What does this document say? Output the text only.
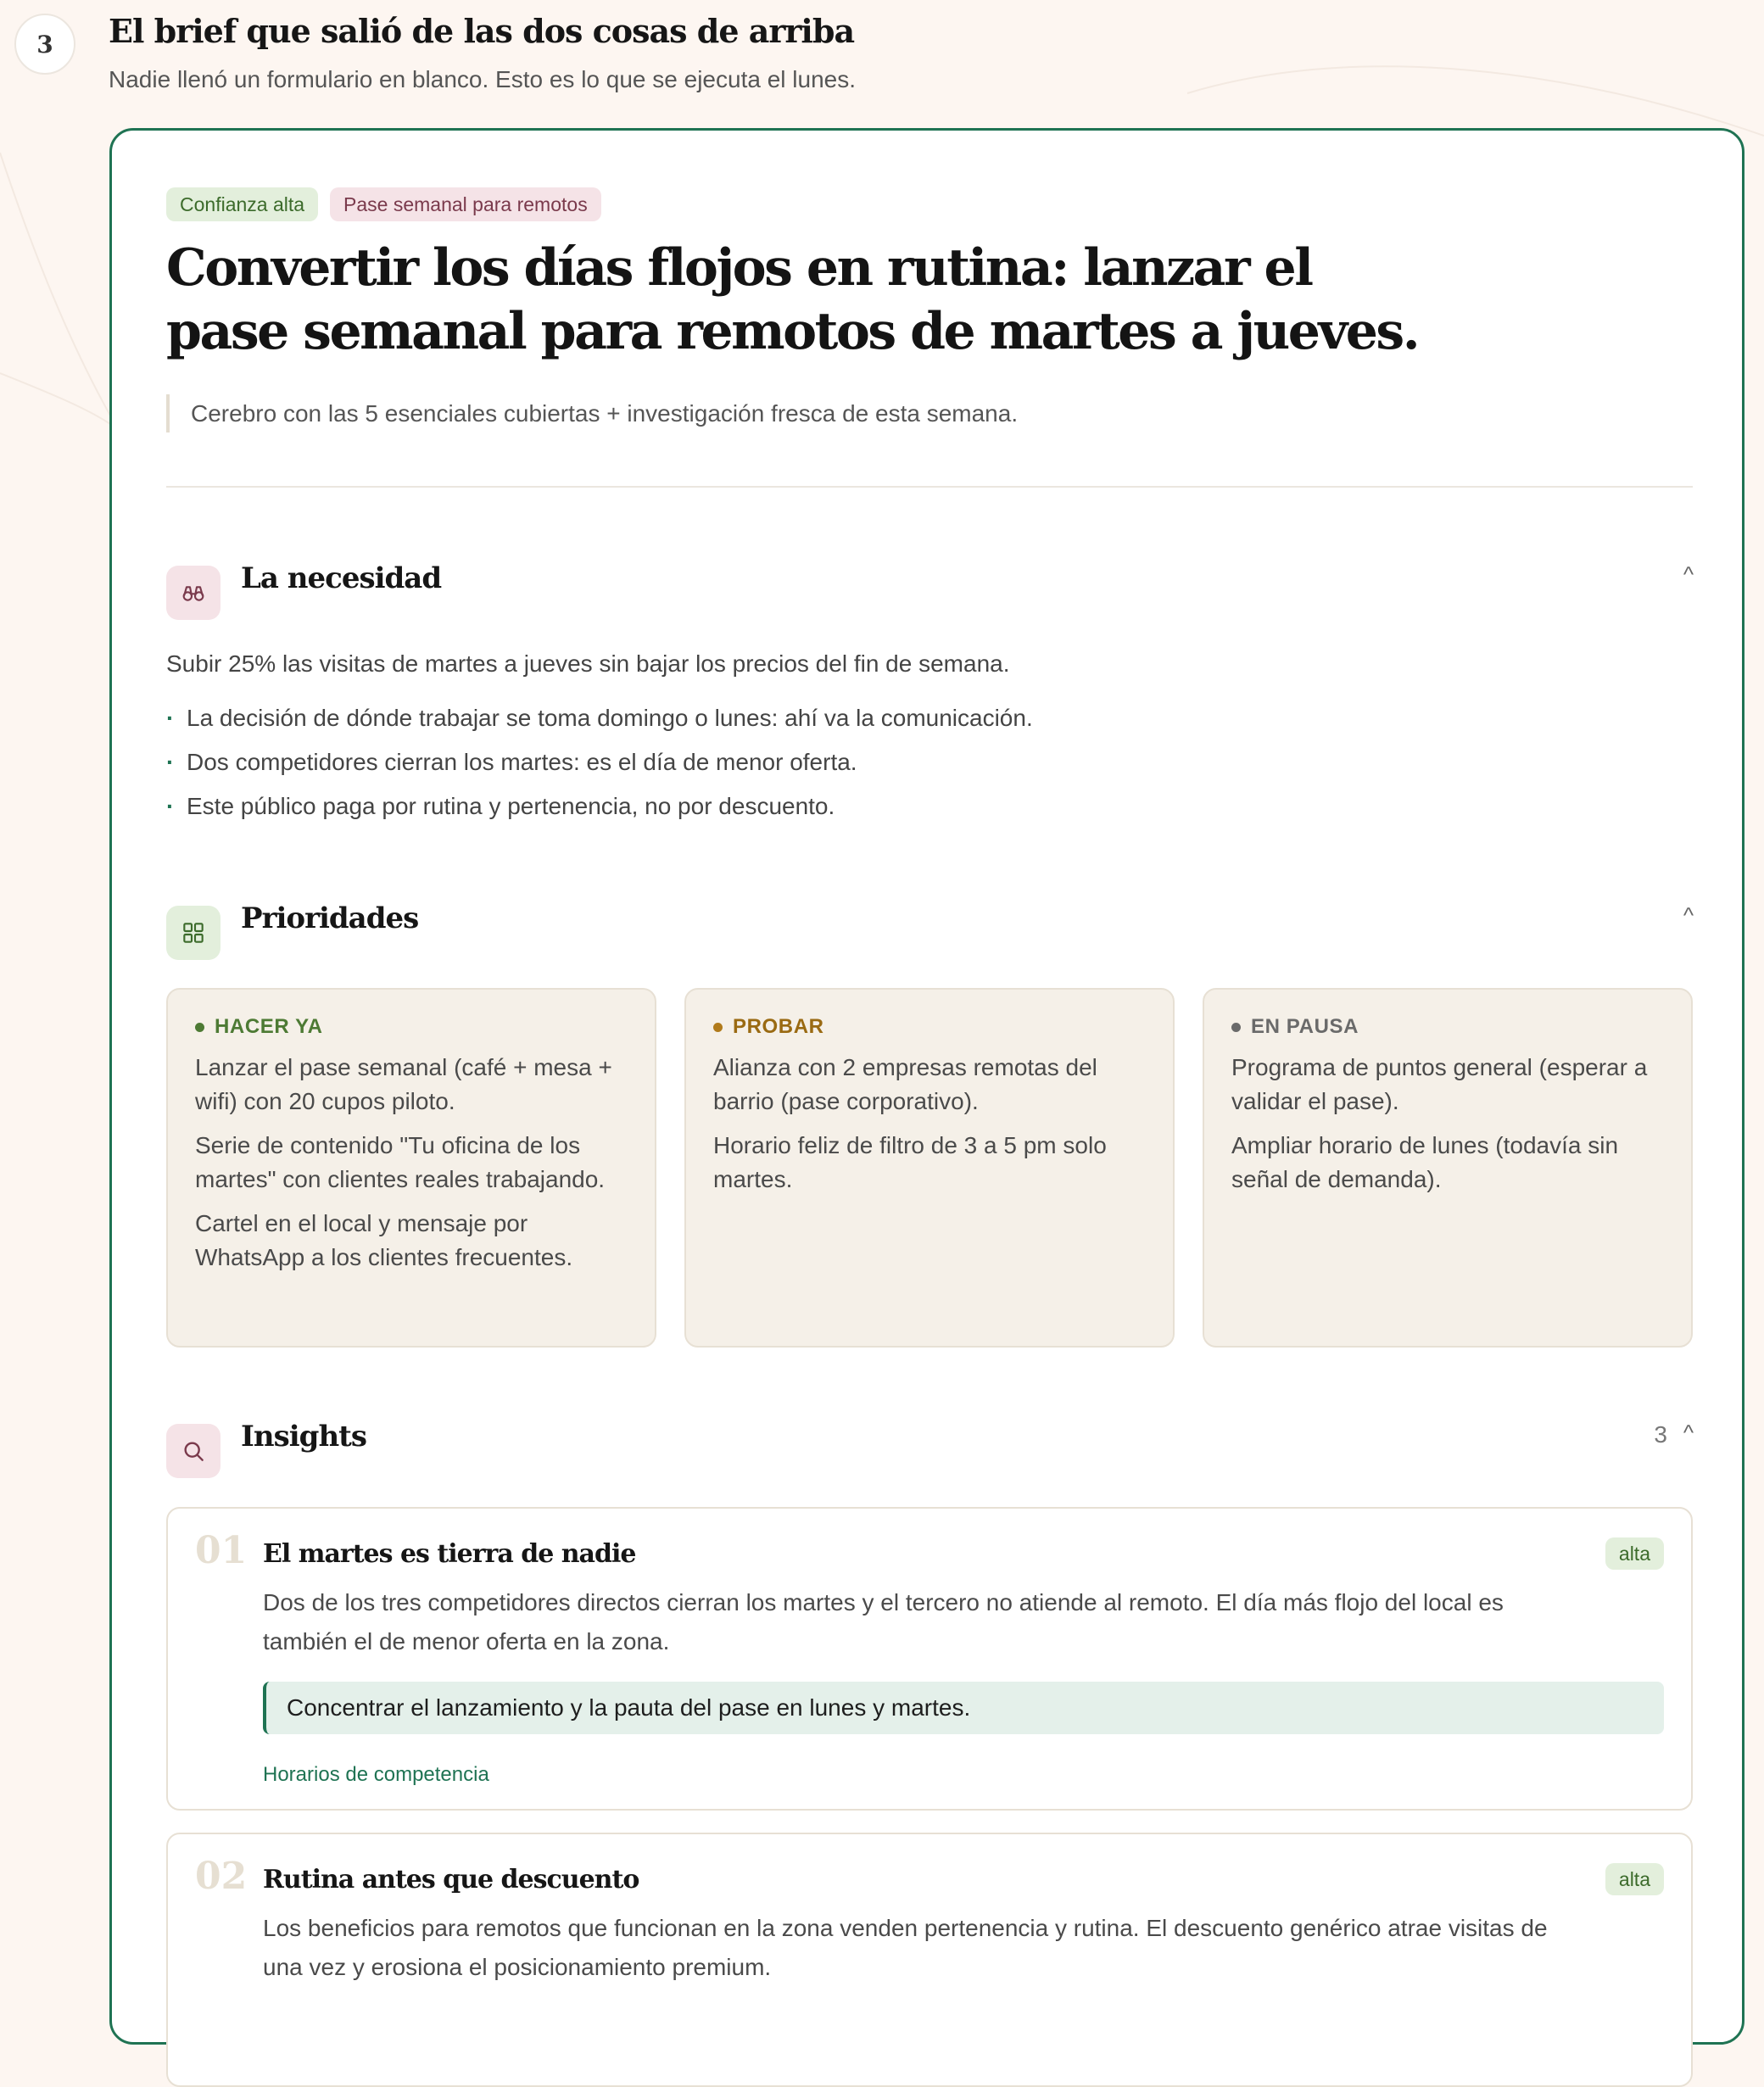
3 El brief que salió de las dos cosas de arriba

Nadie llenó un formulario en blanco. Esto es lo que se ejecuta el lunes.

Confianza alta	Pase semanal para remotos
Convertir los días flojos en rutina: lanzar el
pase semanal para remotos de martes a jueves.
Cerebro con las 5 esenciales cubiertas + investigación fresca de esta semana.
La necesidad	^

Subir 25% las visitas de martes a jueves sin bajar los precios del fin de semana.

· La decisión de dónde trabajar se toma domingo o lunes: ahí va la comunicación.
· Dos competidores cierran los martes: es el día de menor oferta.
· Este público paga por rutina y pertenencia, no por descuento.
Prioridades	^
HACER YA

Lanzar el pase semanal (café + mesa + wifi) con 20 cupos piloto.

Serie de contenido "Tu oficina de los martes" con clientes reales trabajando.

Cartel en el local y mensaje por WhatsApp a los clientes frecuentes.

PROBAR

Alianza con 2 empresas remotas del barrio (pase corporativo).

Horario feliz de filtro de 3 a 5 pm solo martes.

EN PAUSA

Programa de puntos general (esperar a validar el pase).

Ampliar horario de lunes (todavía sin señal de demanda).

Insights	3 ^
01 El martes es tierra de nadie	alta

Dos de los tres competidores directos cierran los martes y el tercero no atiende al remoto. El día más flojo del local es
también el de menor oferta en la zona.

Concentrar el lanzamiento y la pauta del pase en lunes y martes.
Horarios de competencia
02 Rutina antes que descuento	alta

Los beneficios para remotos que funcionan en la zona venden pertenencia y rutina. El descuento genérico atrae visitas de
una vez y erosiona el posicionamiento premium.
